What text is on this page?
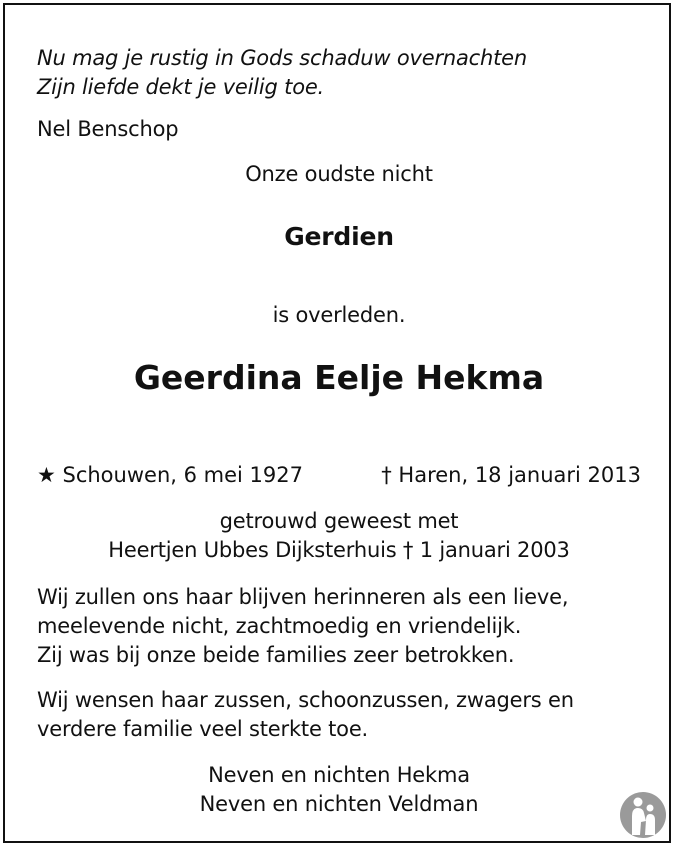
Nu mag je rustig in Gods schaduw overnachten
Zijn liefde dekt je veilig toe.
Nel Benschop
Onze oudste nicht
Gerdien
is overleden.
Geerdina Eelje Hekma
★ Schouwen, 6 mei 1927	† Haren, 18 januari 2013
getrouwd geweest met
Heertjen Ubbes Dijksterhuis † 1 januari 2003
Wij zullen ons haar blijven herinneren als een lieve,
meelevende nicht, zachtmoedig en vriendelijk.
Zij was bij onze beide families zeer betrokken.
Wij wensen haar zussen, schoonzussen, zwagers en
verdere familie veel sterkte toe.
Neven en nichten Hekma
Neven en nichten Veldman
